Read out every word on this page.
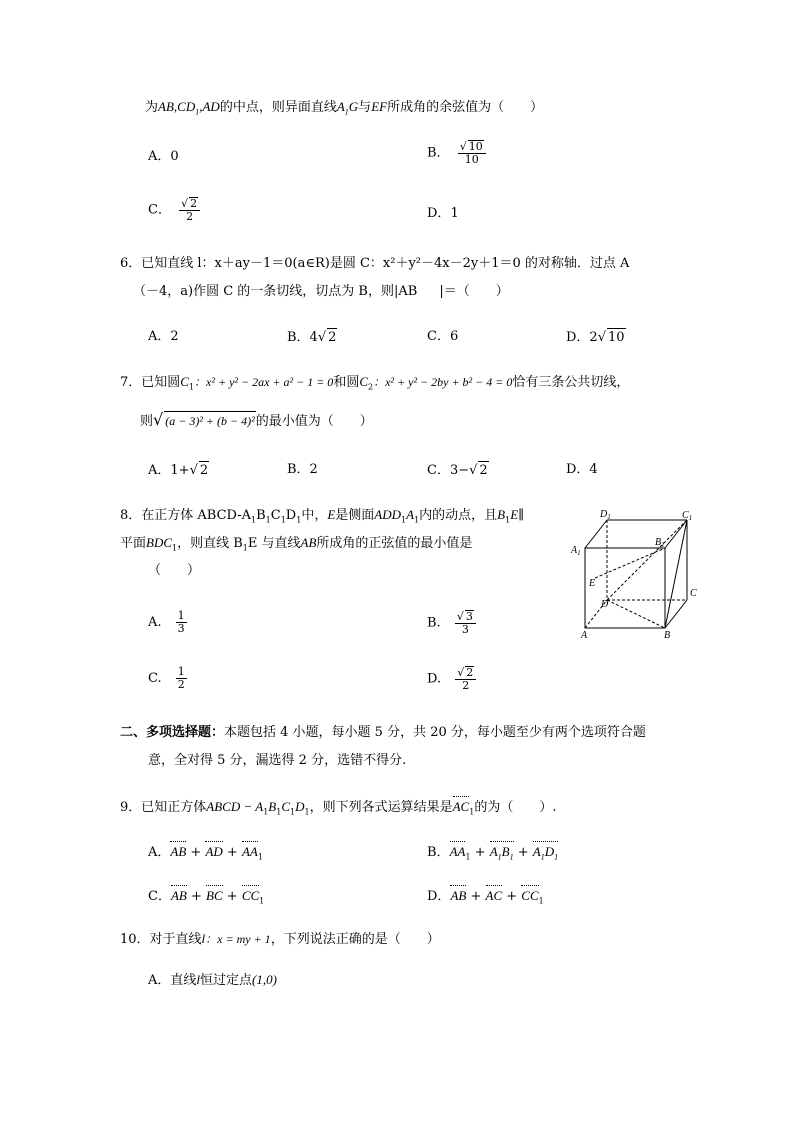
为$AB,CD_1,AD$的中点，则异面直线$A_1G$与EF所成角的余弦值为（　　）
A．0	B． $\frac{√ 10}{10}$
C． $\frac{√ 2}{2}$	D．1
6．已知直线 l：x＋ay－1＝0(a∈R)是圆 C：x²＋y²－4x－2y＋1＝0 的对称轴．过点 A
（－4，a)作圆 C 的一条切线，切点为 B，则|AB |＝（　　）
A．2	B．4√ 2	C．6	D．2√ 10
7．已知圆$C_1$：x² + y² − 2ax + a² − 1 = 0和圆$C_2$：x² + y² − 2by + b² − 4 = 0恰有三条公共切线，
则√ (a − 3)² + (b − 4)²的最小值为（　　）
A．1+√ 2	B．2	C．3−√ 2	D．4
8．在正方体 ABCD-$A_1B_1C_1D_1$中，E是侧面$ADD_1A_1$内的动点，且$B_1E\parallel$
平面$BDC_1$，则直线 $B_1E$ 与直线AB所成角的正弦值的最小值是
（　　）
A. $\frac{1}{3}$	B. $\frac{√ 3}{3}$
C. $\frac{1}{2}$	D. $\frac{√ 2}{2}$
$D_1$	$C_1$
$A_1$
$B_1$
E
D
C
A	B
二、多项选择题：本题包括 4 小题，每小题 5 分，共 20 分，每小题至少有两个选项符合题
意，全对得 5 分，漏选得 2 分，选错不得分.
9．已知正方体ABCD − $A_1B_1C_1D_1$，则下列各式运算结果是$AC_1$的为（　　）.
A．AB + AD + $AA_1$	B．$AA_1 + A_1B_1 + A_1D_1$
C．AB + BC + $CC_1$	D．AB + AC + $CC_1$
10．对于直线l：x = my + 1，下列说法正确的是（　　）
A．直线l恒过定点(1,0)
